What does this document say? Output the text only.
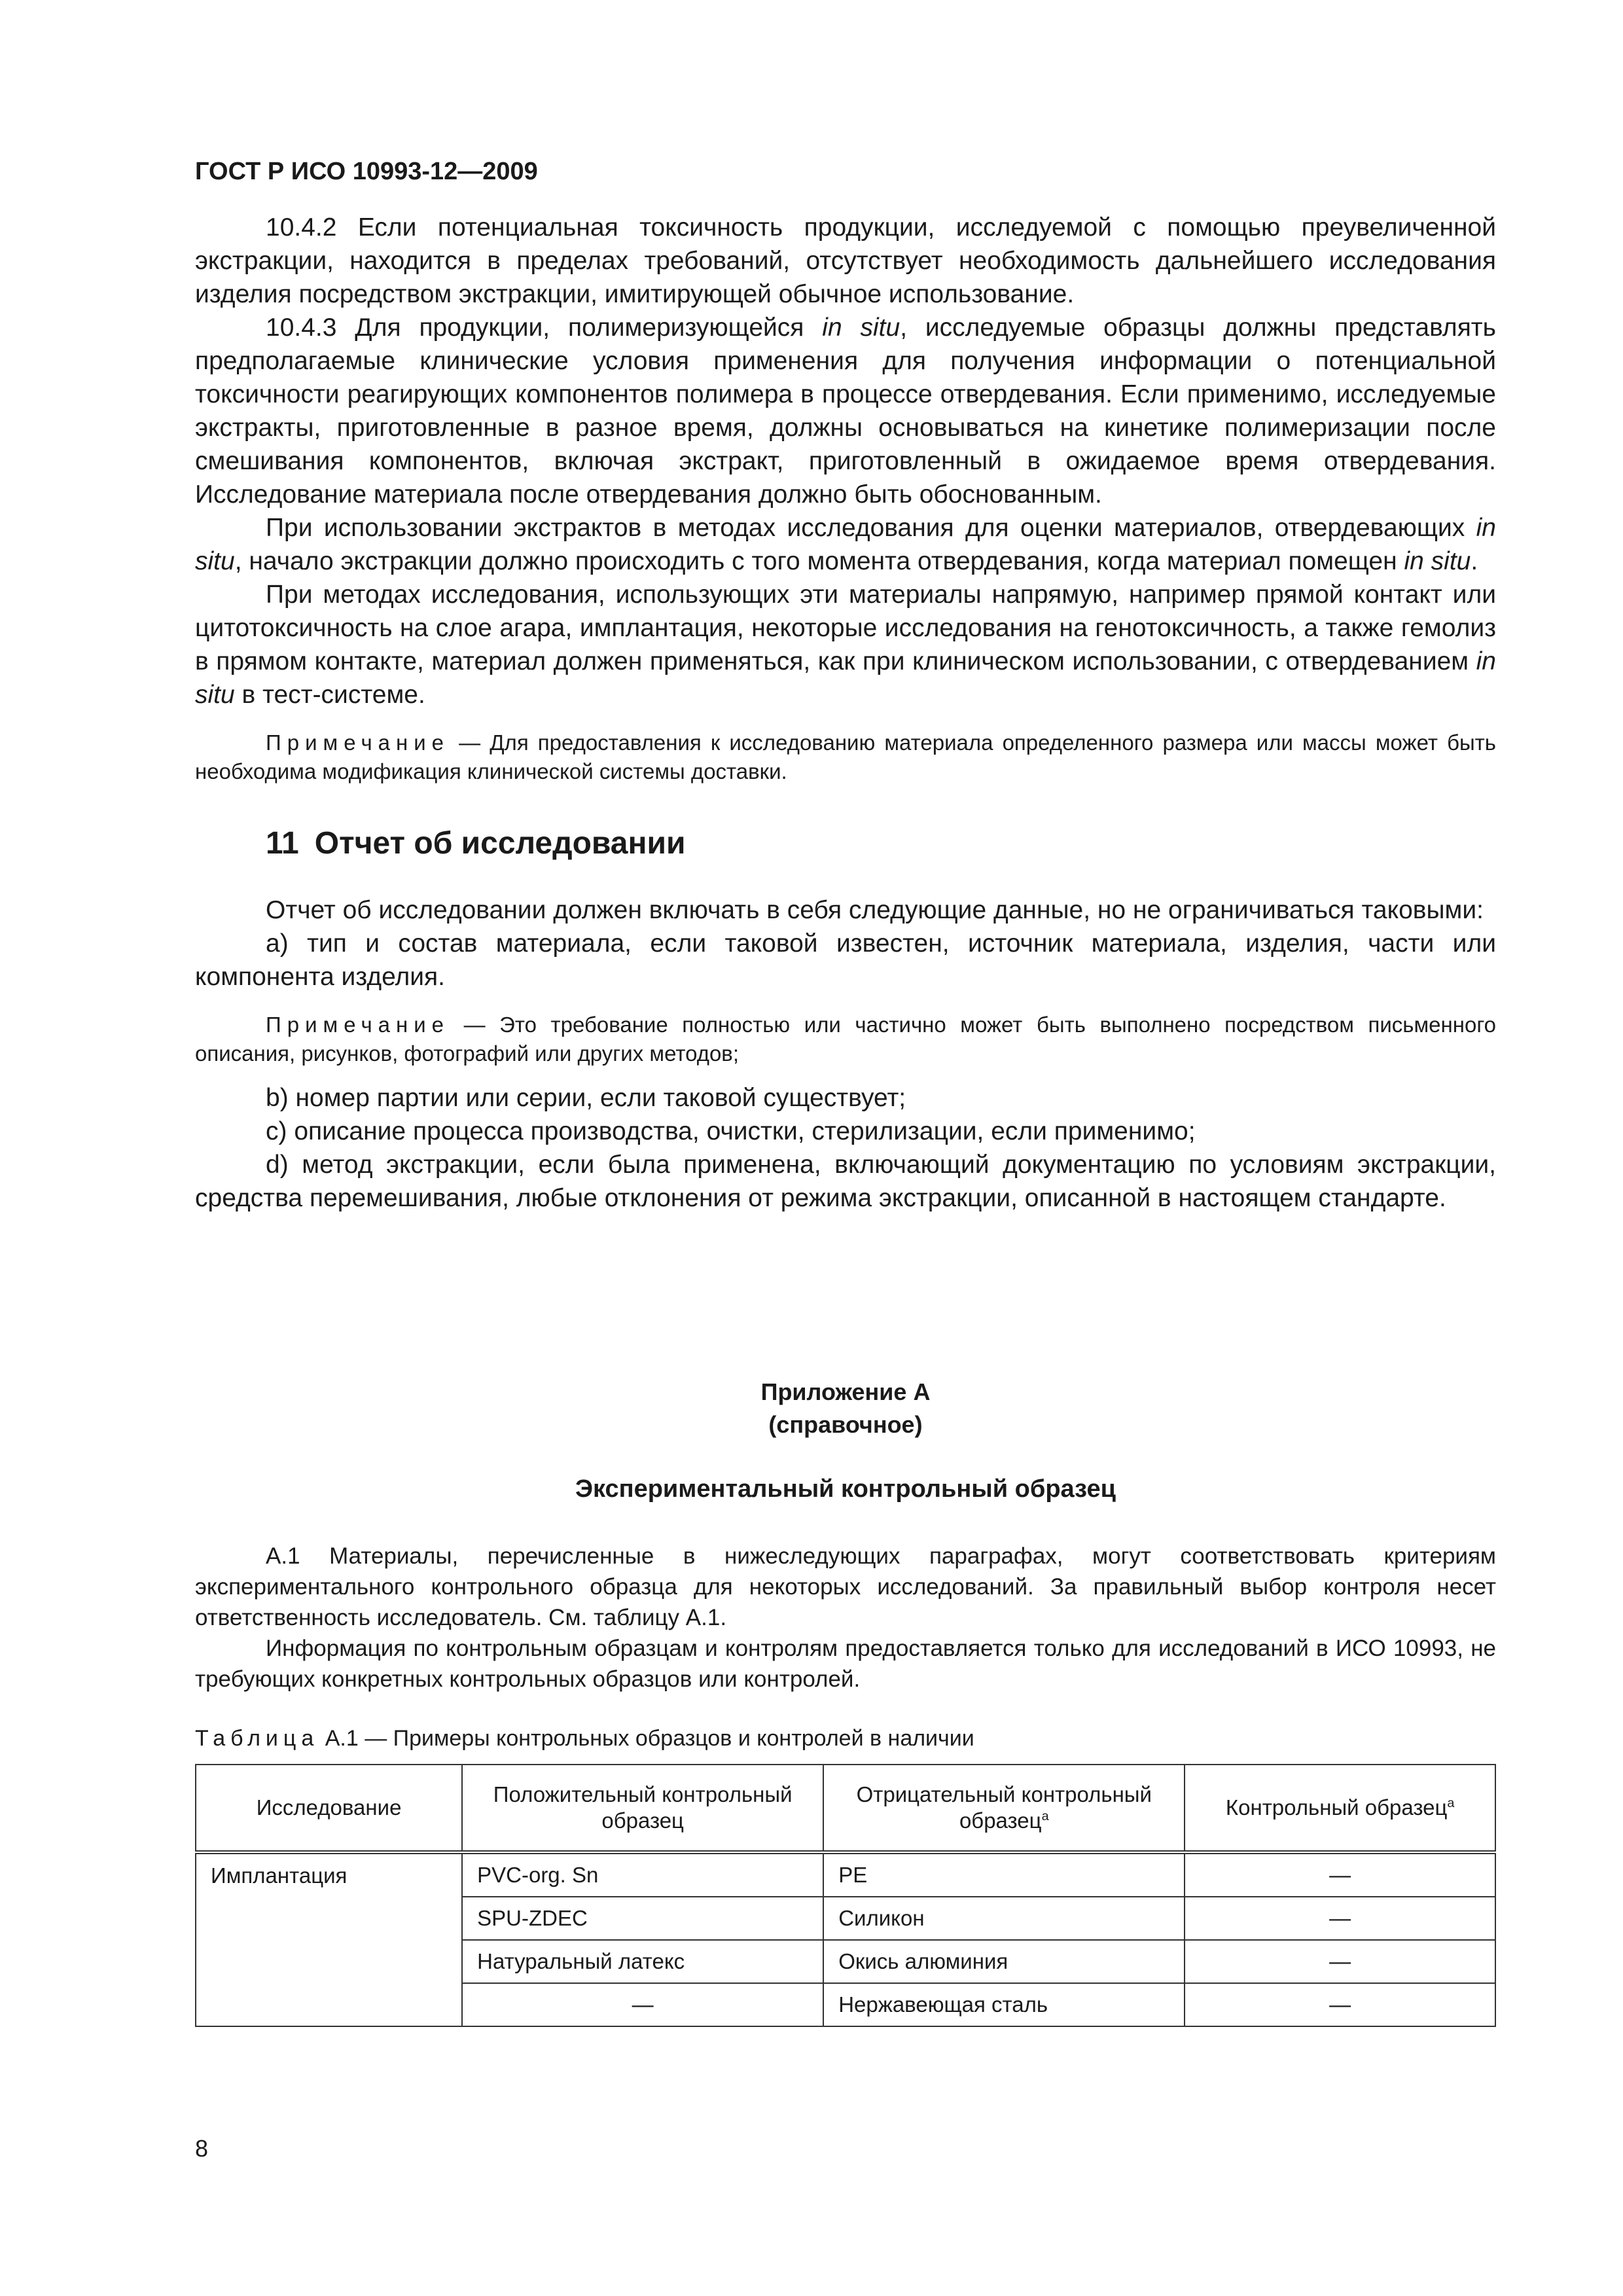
ГОСТ Р ИСО 10993-12—2009

10.4.2 Если потенциальная токсичность продукции, исследуемой с помощью преувеличенной экстракции, находится в пределах требований, отсутствует необходимость дальнейшего исследования изделия посредством экстракции, имитирующей обычное использование.

10.4.3 Для продукции, полимеризующейся in situ, исследуемые образцы должны представлять предполагаемые клинические условия применения для получения информации о потенциальной токсичности реагирующих компонентов полимера в процессе отвердевания. Если применимо, исследуемые экстракты, приготовленные в разное время, должны основываться на кинетике полимеризации после смешивания компонентов, включая экстракт, приготовленный в ожидаемое время отвердевания. Исследование материала после отвердевания должно быть обоснованным.

При использовании экстрактов в методах исследования для оценки материалов, отвердевающих in situ, начало экстракции должно происходить с того момента отвердевания, когда материал помещен in situ.

При методах исследования, использующих эти материалы напрямую, например прямой контакт или цитотоксичность на слое агара, имплантация, некоторые исследования на генотоксичность, а также гемолиз в прямом контакте, материал должен применяться, как при клиническом использовании, с отвердеванием in situ в тест-системе.

Примечание — Для предоставления к исследованию материала определенного размера или массы может быть необходима модификация клинической системы доставки.

11 Отчет об исследовании

Отчет об исследовании должен включать в себя следующие данные, но не ограничиваться таковыми:

a) тип и состав материала, если таковой известен, источник материала, изделия, части или компонента изделия.

Примечание — Это требование полностью или частично может быть выполнено посредством письменного описания, рисунков, фотографий или других методов;

b) номер партии или серии, если таковой существует;

c) описание процесса производства, очистки, стерилизации, если применимо;

d) метод экстракции, если была применена, включающий документацию по условиям экстракции, средства перемешивания, любые отклонения от режима экстракции, описанной в настоящем стандарте.

Приложение А
(справочное)
Экспериментальный контрольный образец

А.1 Материалы, перечисленные в нижеследующих параграфах, могут соответствовать критериям экспериментального контрольного образца для некоторых исследований. За правильный выбор контроля несет ответственность исследователь. См. таблицу А.1.

Информация по контрольным образцам и контролям предоставляется только для исследований в ИСО 10993, не требующих конкретных контрольных образцов или контролей.

Таблица А.1 — Примеры контрольных образцов и контролей в наличии
Исследование	Положительный контрольный образец	Отрицательный контрольный образец$^a$	Контрольный образец$^a$
Имплантация	PVC-org. Sn	PE	—
	SPU-ZDEC	Силикон	—
	Натуральный латекс	Окись алюминия	—
	—	Нержавеющая сталь	—
8
